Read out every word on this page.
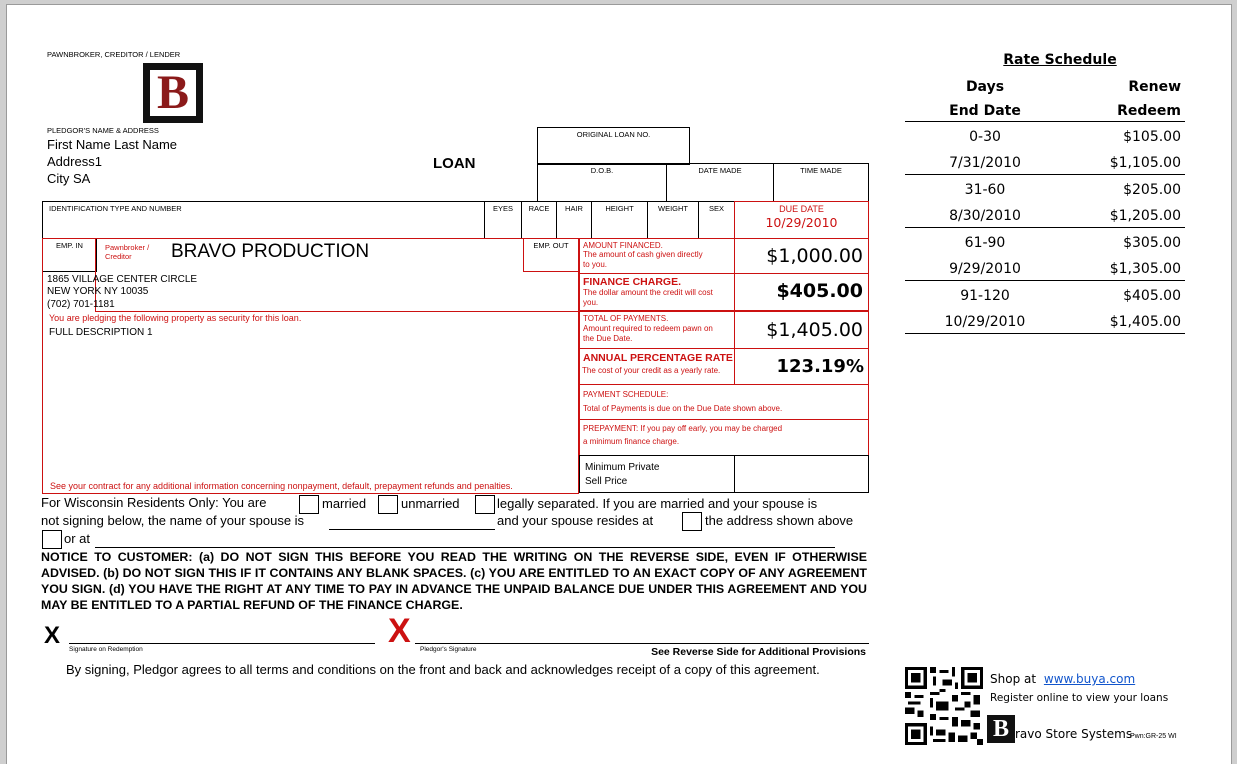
PAWNBROKER, CREDITOR / LENDER
B
PLEDGOR'S NAME & ADDRESS
First Name Last Name
Address1
City SA
LOAN
ORIGINAL LOAN NO.
D.O.B.	DATE MADE	TIME MADE
IDENTIFICATION TYPE AND NUMBER	EYES	RACE	HAIR	HEIGHT	WEIGHT	SEX	DUE DATE
10/29/2010
EMP. IN	Pawnbroker / Creditor	BRAVO PRODUCTION	EMP. OUT
1865 VILLAGE CENTER CIRCLE
NEW YORK NY 10035
(702) 701-1181
You are pledging the following property as security for this loan.
FULL DESCRIPTION 1
See your contract for any additional information concerning nonpayment, default, prepayment refunds and penalties.
AMOUNT FINANCED.
The amount of cash given directly to you.	$1,000.00
FINANCE CHARGE.
The dollar amount the credit will cost you.
$405.00
TOTAL OF PAYMENTS.
Amount required to redeem pawn on the Due Date.	$1,405.00
ANNUAL PERCENTAGE RATE
The cost of your credit as a yearly rate.	123.19%
PAYMENT SCHEDULE:
Total of Payments is due on the Due Date shown above.
PREPAYMENT: If you pay off early, you may be charged
a minimum finance charge.
Minimum Private
Sell Price
For Wisconsin Residents Only: You are	married	unmarried	legally separated. If you are married and your spouse is
not signing below, the name of your spouse is	and your spouse resides at	the address shown above
or at
NOTICE TO CUSTOMER: (a) DO NOT SIGN THIS BEFORE YOU READ THE WRITING ON THE REVERSE SIDE, EVEN IF OTHERWISE ADVISED. (b) DO NOT SIGN THIS IF IT CONTAINS ANY BLANK SPACES. (c) YOU ARE ENTITLED TO AN EXACT COPY OF ANY AGREEMENT YOU SIGN. (d) YOU HAVE THE RIGHT AT ANY TIME TO PAY IN ADVANCE THE UNPAID BALANCE DUE UNDER THIS AGREEMENT AND YOU MAY BE ENTITLED TO A PARTIAL REFUND OF THE FINANCE CHARGE.
X
Signature on Redemption	X Pledgor's Signature	See Reverse Side for Additional Provisions
By signing, Pledgor agrees to all terms and conditions on the front and back and acknowledges receipt of a copy of this agreement.
Rate Schedule
Days	Renew
End Date	Redeem
0-30	$105.00
7/31/2010	$1,105.00
31-60	$205.00
8/30/2010	$1,205.00
61-90	$305.00
9/29/2010	$1,305.00
91-120	$405.00
10/29/2010	$1,405.00
Shop at www.buya.com
Register online to view your loans
B ravo Store Systems
Pwn:GR-25 WI
